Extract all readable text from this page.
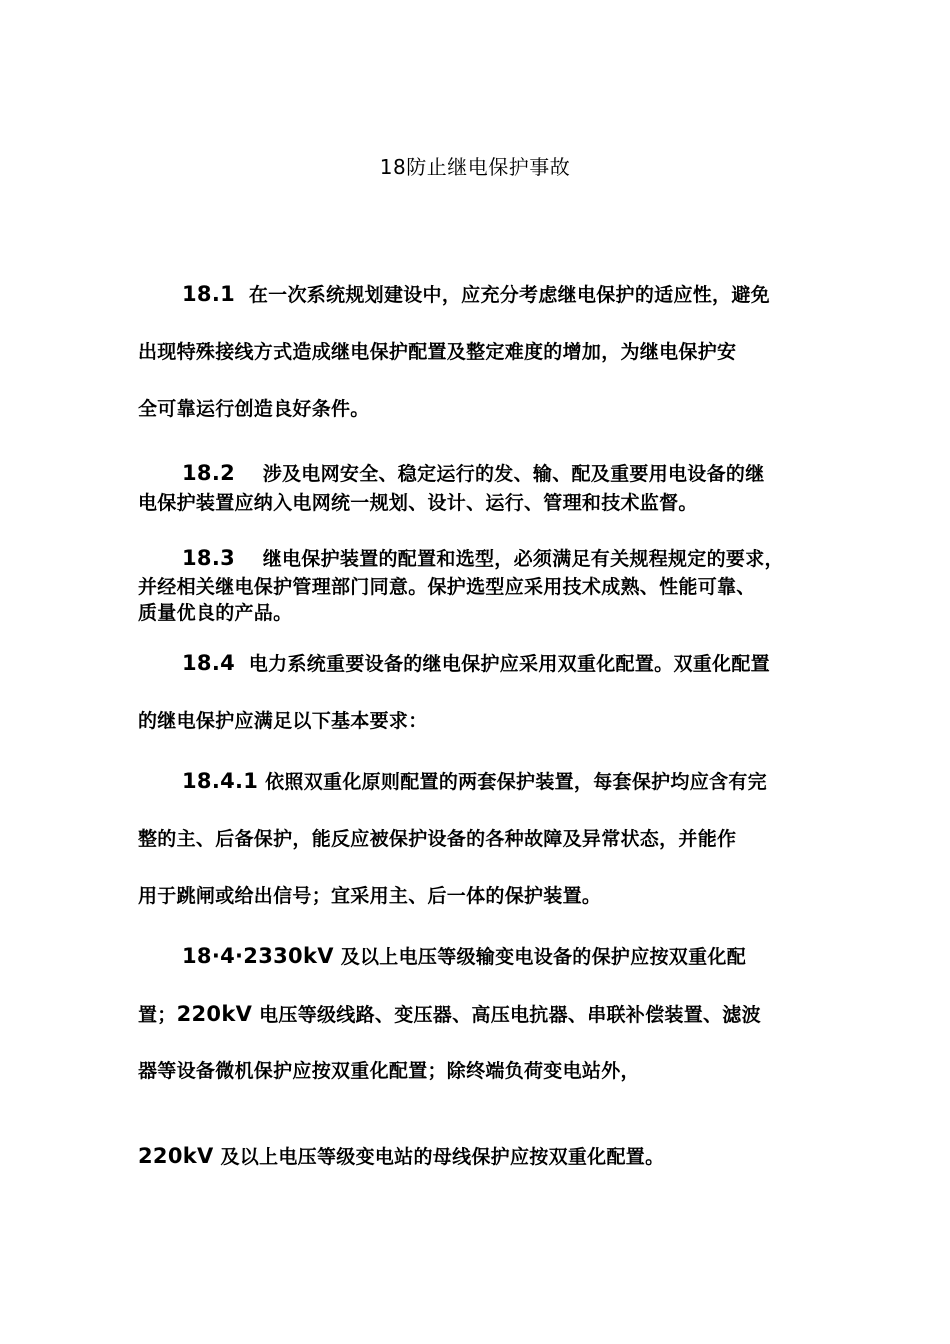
18防止继电保护事故
18.1 在一次系统规划建设中，应充分考虑继电保护的适应性，避免
出现特殊接线方式造成继电保护配置及整定难度的增加，为继电保护安
全可靠运行创造良好条件。
18.2 涉及电网安全、稳定运行的发、输、配及重要用电设备的继
电保护装置应纳入电网统一规划、设计、运行、管理和技术监督。
18.3 继电保护装置的配置和选型，必须满足有关规程规定的要求，
并经相关继电保护管理部门同意。保护选型应采用技术成熟、性能可靠、
质量优良的产品。
18.4 电力系统重要设备的继电保护应采用双重化配置。双重化配置
的继电保护应满足以下基本要求：
18.4.1 依照双重化原则配置的两套保护装置，每套保护均应含有完
整的主、后备保护，能反应被保护设备的各种故障及异常状态，并能作
用于跳闸或给出信号；宜采用主、后一体的保护装置。
18·4·2330kV 及以上电压等级输变电设备的保护应按双重化配
置；220kV 电压等级线路、变压器、高压电抗器、串联补偿装置、滤波
器等设备微机保护应按双重化配置；除终端负荷变电站外，
220kV 及以上电压等级变电站的母线保护应按双重化配置。
